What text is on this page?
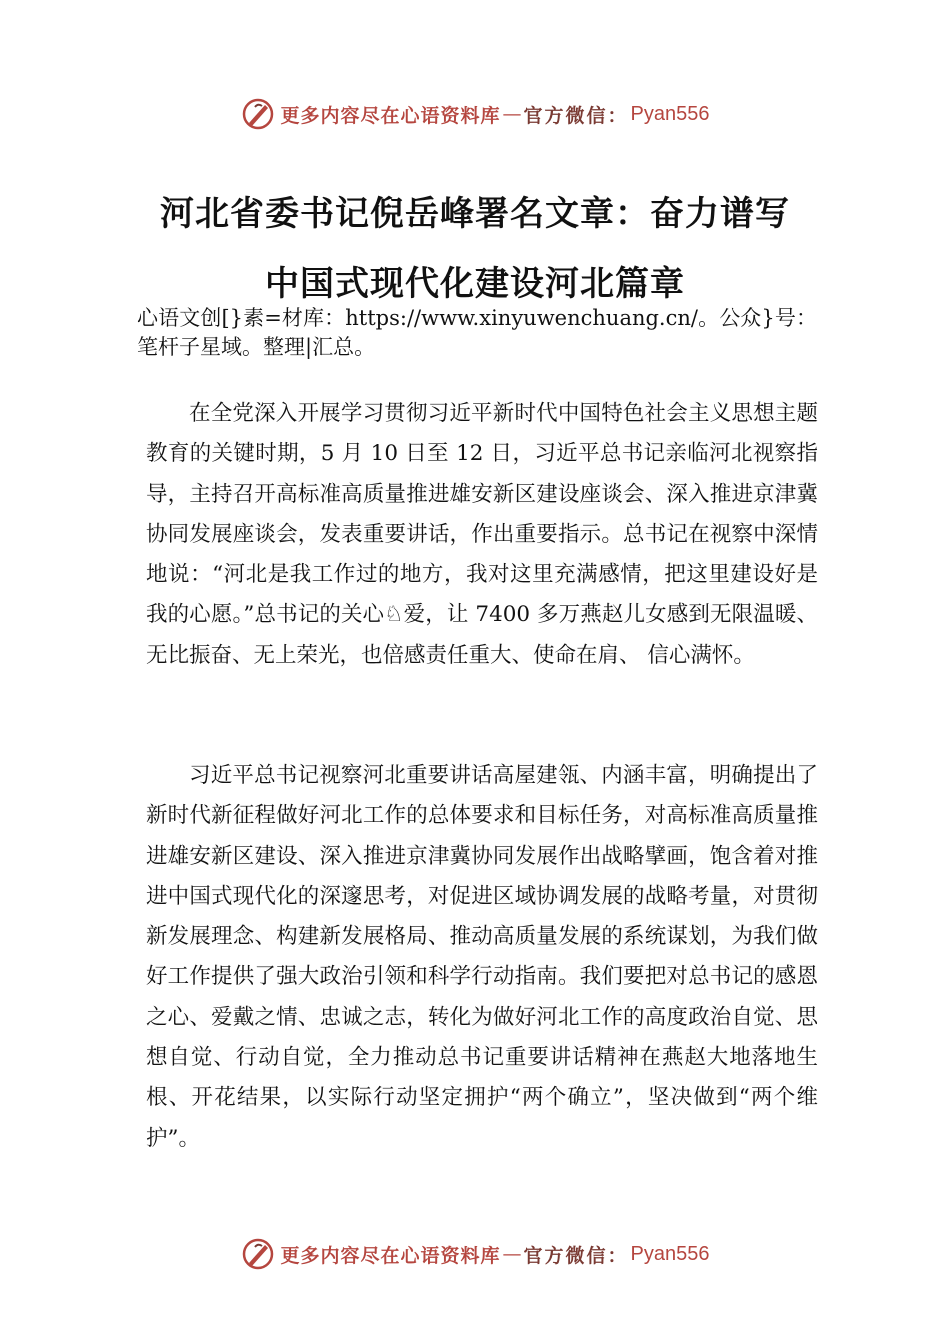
更多内容尽在心语资料库 — 官方微信： Pyan556
河北省委书记倪岳峰署名文章：奋力谱写
中国式现代化建设河北篇章
心语文创[}素=材库：https://www.xinyuwenchuang.cn/。公众}号：笔杆子星域。整理|汇总。

在全党深入开展学习贯彻习近平新时代中国特色社会主义思想主题教育的关键时期，5 月 10 日至 12 日，习近平总书记亲临河北视察指导，主持召开高标准高质量推进雄安新区建设座谈会、深入推进京津冀协同发展座谈会，发表重要讲话，作出重要指示。总书记在视察中深情地说：“河北是我工作过的地方，我对这里充满感情，把这里建设好是我的心愿。”总书记的关心♘爱，让 7400 多万燕赵儿女感到无限温暖、无比振奋、无上荣光，也倍感责任重大、使命在肩、 信心满怀。

习近平总书记视察河北重要讲话高屋建瓴、内涵丰富，明确提出了新时代新征程做好河北工作的总体要求和目标任务，对高标准高质量推进雄安新区建设、深入推进京津冀协同发展作出战略擘画，饱含着对推进中国式现代化的深邃思考，对促进区域协调发展的战略考量，对贯彻新发展理念、构建新发展格局、推动高质量发展的系统谋划，为我们做好工作提供了强大政治引领和科学行动指南。我们要把对总书记的感恩之心、爱戴之情、忠诚之志，转化为做好河北工作的高度政治自觉、思想自觉、行动自觉，全力推动总书记重要讲话精神在燕赵大地落地生根、开花结果，以实际行动坚定拥护“两个确立”，坚决做到“两个维护”。

更多内容尽在心语资料库 — 官方微信： Pyan556
